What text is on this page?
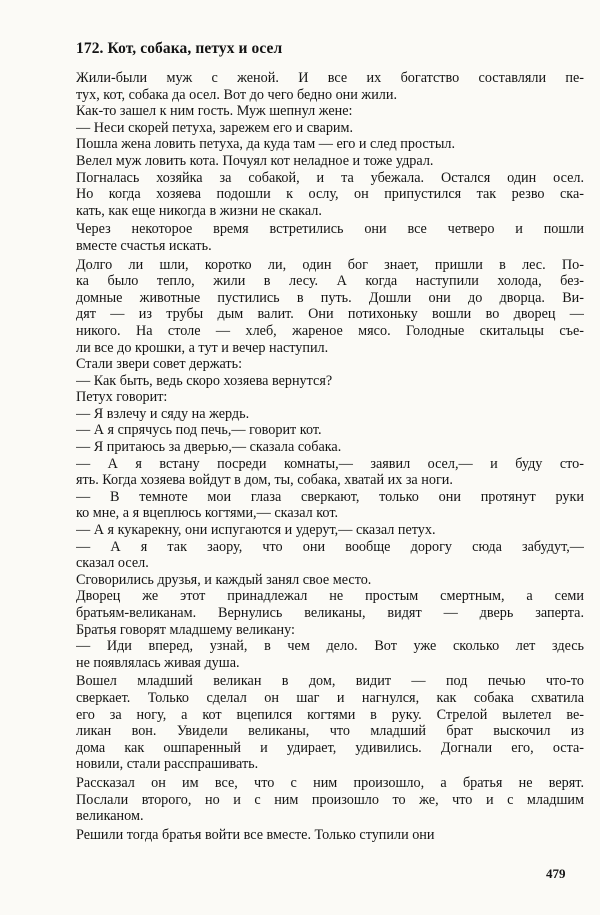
172. Кот, собака, петух и осел
Жили-были муж с женой. И все их богатство составляли пе-
тух, кот, собака да осел. Вот до чего бедно они жили.
Как-то зашел к ним гость. Муж шепнул жене:
— Неси скорей петуха, зарежем его и сварим.
Пошла жена ловить петуха, да куда там — его и след простыл.
Велел муж ловить кота. Почуял кот неладное и тоже удрал.
Погналась хозяйка за собакой, и та убежала. Остался один осел.
Но когда хозяева подошли к ослу, он припустился так резво ска-
кать, как еще никогда в жизни не скакал.
Через некоторое время встретились они все четверо и пошли
вместе счастья искать.
Долго ли шли, коротко ли, один бог знает, пришли в лес. По-
ка было тепло, жили в лесу. А когда наступили холода, без-
домные животные пустились в путь. Дошли они до дворца. Ви-
дят — из трубы дым валит. Они потихоньку вошли во дворец —
никого. На столе — хлеб, жареное мясо. Голодные скитальцы съе-
ли все до крошки, а тут и вечер наступил.
Стали звери совет держать:
— Как быть, ведь скоро хозяева вернутся?
Петух говорит:
— Я взлечу и сяду на жердь.
— А я спрячусь под печь,— говорит кот.
— Я притаюсь за дверью,— сказала собака.
— А я встану посреди комнаты,— заявил осел,— и буду сто-
ять. Когда хозяева войдут в дом, ты, собака, хватай их за ноги.
— В темноте мои глаза сверкают, только они протянут руки
ко мне, а я вцеплюсь когтями,— сказал кот.
— А я кукарекну, они испугаются и удерут,— сказал петух.
— А я так заору, что они вообще дорогу сюда забудут,—
сказал осел.
Сговорились друзья, и каждый занял свое место.
Дворец же этот принадлежал не простым смертным, а семи
братьям-великанам. Вернулись великаны, видят — дверь заперта.
Братья говорят младшему великану:
— Иди вперед, узнай, в чем дело. Вот уже сколько лет здесь
не появлялась живая душа.
Вошел младший великан в дом, видит — под печью что-то
сверкает. Только сделал он шаг и нагнулся, как собака схватила
его за ногу, а кот вцепился когтями в руку. Стрелой вылетел ве-
ликан вон. Увидели великаны, что младший брат выскочил из
дома как ошпаренный и удирает, удивились. Догнали его, оста-
новили, стали расспрашивать.
Рассказал он им все, что с ним произошло, а братья не верят.
Послали второго, но и с ним произошло то же, что и с младшим
великаном.
Решили тогда братья войти все вместе. Только ступили они
479
